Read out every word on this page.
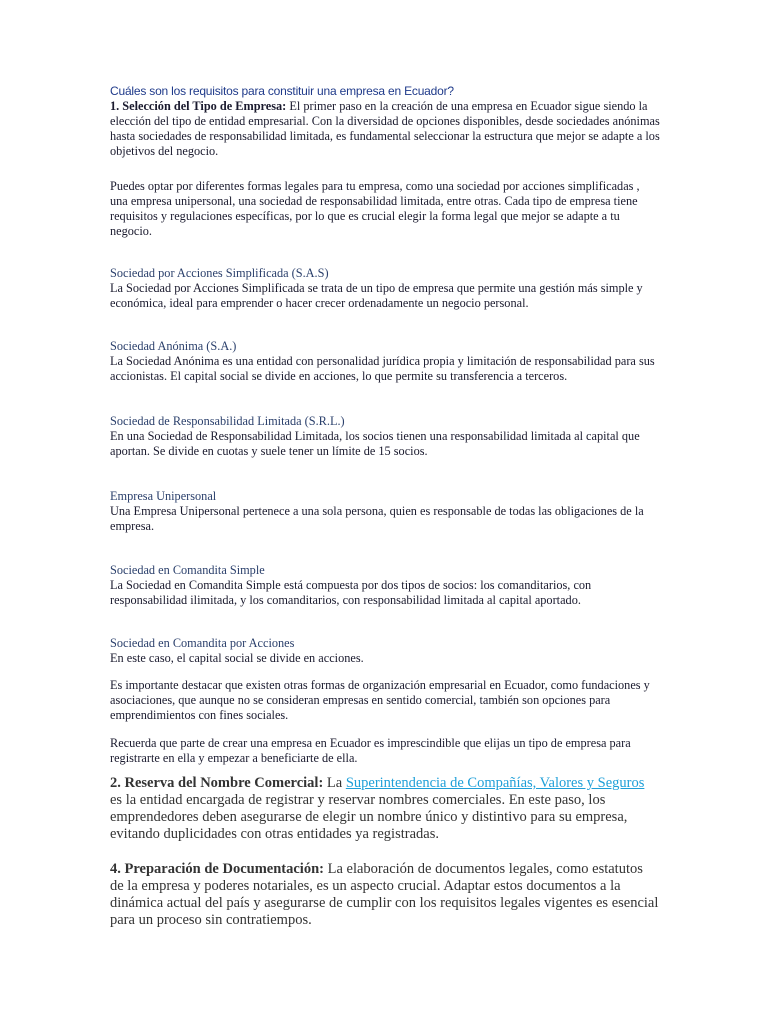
Cuáles son los requisitos para constituir una empresa en Ecuador?

1. Selección del Tipo de Empresa: El primer paso en la creación de una empresa en Ecuador sigue siendo la elección del tipo de entidad empresarial. Con la diversidad de opciones disponibles, desde sociedades anónimas hasta sociedades de responsabilidad limitada, es fundamental seleccionar la estructura que mejor se adapte a los objetivos del negocio.

Puedes optar por diferentes formas legales para tu empresa, como una sociedad por acciones simplificadas , una empresa unipersonal, una sociedad de responsabilidad limitada, entre otras. Cada tipo de empresa tiene requisitos y regulaciones específicas, por lo que es crucial elegir la forma legal que mejor se adapte a tu negocio.

Sociedad por Acciones Simplificada (S.A.S)

La Sociedad por Acciones Simplificada se trata de un tipo de empresa que permite una gestión más simple y económica, ideal para emprender o hacer crecer ordenadamente un negocio personal.

Sociedad Anónima (S.A.)

La Sociedad Anónima es una entidad con personalidad jurídica propia y limitación de responsabilidad para sus accionistas. El capital social se divide en acciones, lo que permite su transferencia a terceros.

Sociedad de Responsabilidad Limitada (S.R.L.)

En una Sociedad de Responsabilidad Limitada, los socios tienen una responsabilidad limitada al capital que aportan. Se divide en cuotas y suele tener un límite de 15 socios.

Empresa Unipersonal

Una Empresa Unipersonal pertenece a una sola persona, quien es responsable de todas las obligaciones de la empresa.

Sociedad en Comandita Simple

La Sociedad en Comandita Simple está compuesta por dos tipos de socios: los comanditarios, con responsabilidad ilimitada, y los comanditarios, con responsabilidad limitada al capital aportado.

Sociedad en Comandita por Acciones

En este caso, el capital social se divide en acciones.

Es importante destacar que existen otras formas de organización empresarial en Ecuador, como fundaciones y asociaciones, que aunque no se consideran empresas en sentido comercial, también son opciones para emprendimientos con fines sociales.

Recuerda que parte de crear una empresa en Ecuador es imprescindible que elijas un tipo de empresa para registrarte en ella y empezar a beneficiarte de ella.

2. Reserva del Nombre Comercial: La Superintendencia de Compañías, Valores y Seguros es la entidad encargada de registrar y reservar nombres comerciales. En este paso, los emprendedores deben asegurarse de elegir un nombre único y distintivo para su empresa, evitando duplicidades con otras entidades ya registradas.

4. Preparación de Documentación: La elaboración de documentos legales, como estatutos de la empresa y poderes notariales, es un aspecto crucial. Adaptar estos documentos a la dinámica actual del país y asegurarse de cumplir con los requisitos legales vigentes es esencial para un proceso sin contratiempos.
